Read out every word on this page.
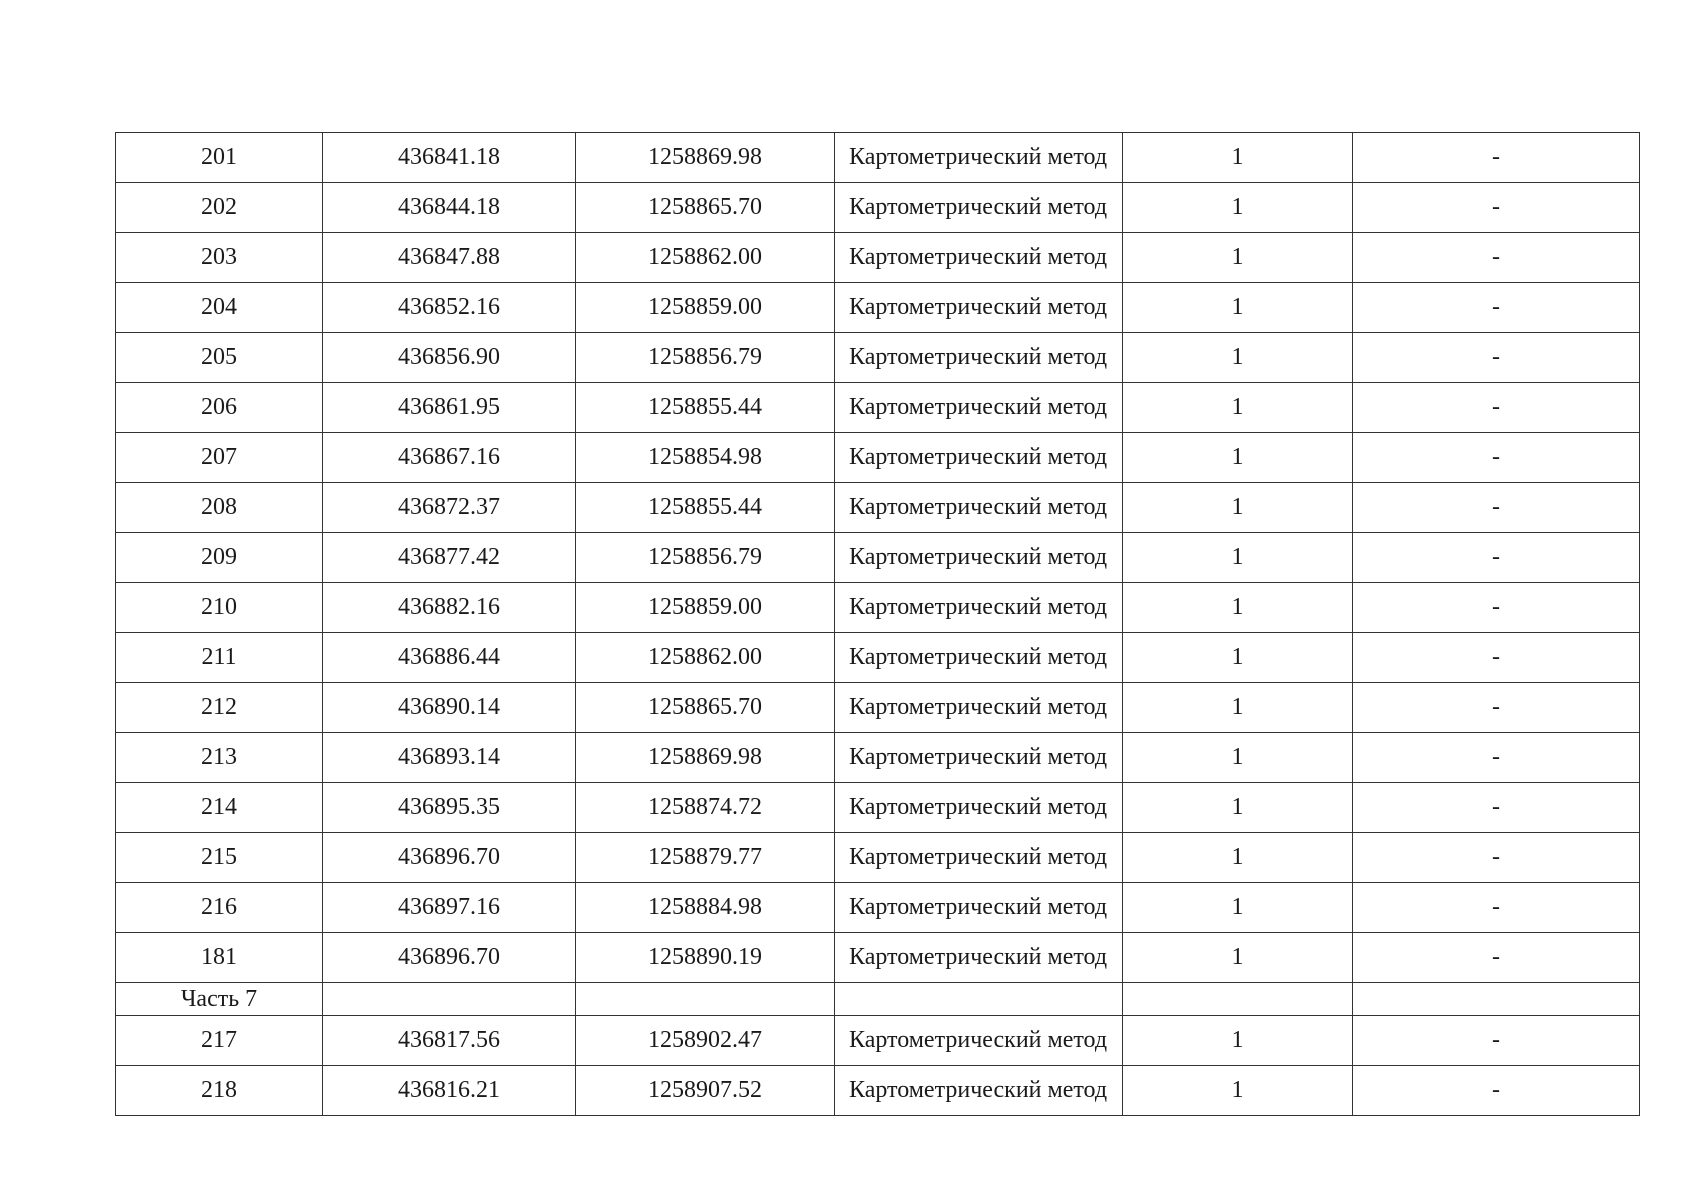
201	436841.18	1258869.98	Картометрический метод	1	-
202	436844.18	1258865.70	Картометрический метод	1	-
203	436847.88	1258862.00	Картометрический метод	1	-
204	436852.16	1258859.00	Картометрический метод	1	-
205	436856.90	1258856.79	Картометрический метод	1	-
206	436861.95	1258855.44	Картометрический метод	1	-
207	436867.16	1258854.98	Картометрический метод	1	-
208	436872.37	1258855.44	Картометрический метод	1	-
209	436877.42	1258856.79	Картометрический метод	1	-
210	436882.16	1258859.00	Картометрический метод	1	-
211	436886.44	1258862.00	Картометрический метод	1	-
212	436890.14	1258865.70	Картометрический метод	1	-
213	436893.14	1258869.98	Картометрический метод	1	-
214	436895.35	1258874.72	Картометрический метод	1	-
215	436896.70	1258879.77	Картометрический метод	1	-
216	436897.16	1258884.98	Картометрический метод	1	-
181	436896.70	1258890.19	Картометрический метод	1	-
Часть 7					
217	436817.56	1258902.47	Картометрический метод	1	-
218	436816.21	1258907.52	Картометрический метод	1	-
